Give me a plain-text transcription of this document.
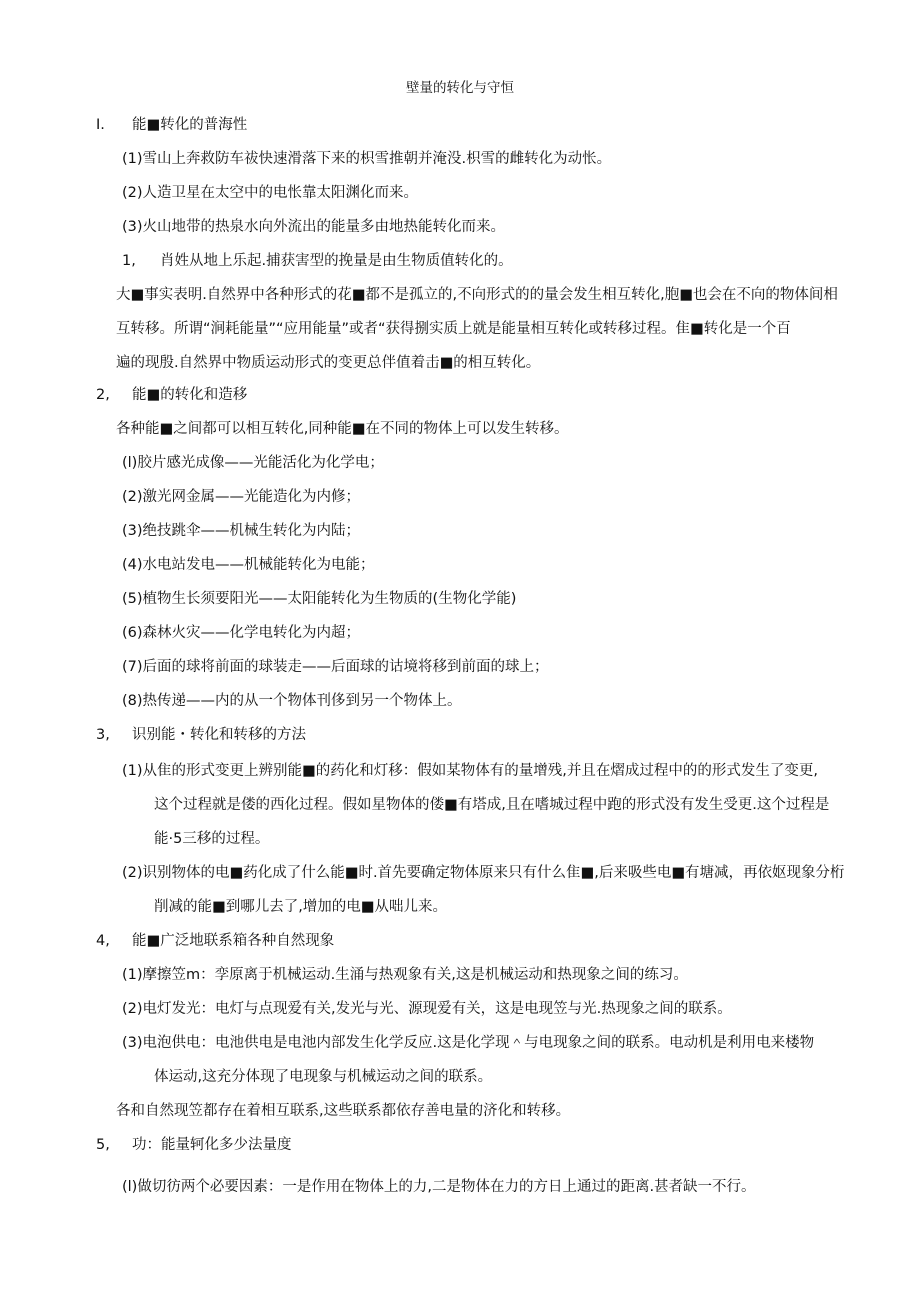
壁量的转化与守恒
I. 能■转化的普海性
(1)雪山上奔救防车祓快速滑落下来的枳雪推朝并淹没.枳雪的雌转化为动怅。
(2)人造卫星在太空中的电怅靠太阳渊化而来。
(3)火山地带的热泉水向外流出的能量多由地热能转化而来。
1, 肖姓从地上乐起.捕获害型的挽量是由生物质值转化的。
大■事实表明.自然界中各种形式的花■都不是孤立的,不向形式的的量会发生相互转化,胞■也会在不向的物体间相
互转移。所谓“涧耗能量”“应用能量”或者“获得捌实质上就是能量相互转化或转移过程。隹■转化是一个百
遍的现殷.自然界中物质运动形式的变更总伴值着击■的相互转化。
2, 能■的转化和造移
各种能■之间都可以相互转化,同种能■在不同的物体上可以发生转移。
(l)胶片感光成像——光能活化为化学电；
(2)激光网金属——光能造化为内修；
(3)绝技跳伞——机械生转化为内陆；
(4)水电站发电——机械能转化为电能；
(5)植物生长须要阳光——太阳能转化为生物质的(生物化学能)
(6)森林火灾——化学电转化为内超；
(7)后面的球将前面的球装走——后面球的诂境将移到前面的球上；
(8)热传递——内的从一个物体刊侈到另一个物体上。
3, 识别能・转化和转移的方法
(1)从隹的形式变更上辨别能■的药化和灯移：假如某物体有的量增残,并且在熠成过程中的的形式发生了变更,
这个过程就是偻的西化过程。假如星物体的偻■有塔成,且在嗜城过程中跑的形式没有发生受更.这个过程是
能·5三移的过程。
(2)识别物体的电■药化成了什么能■时.首先要确定物体原来只有什么隹■,后来吸些电■有塘减，再依妪现象分桁
削减的能■到哪儿去了,增加的电■从咄儿来。
4, 能■广泛地联系箱各种自然现象
(1)摩擦笠m：孪原离于机械运动.生涌与热观象有关,这是机械运动和热现象之间的练习。
(2)电灯发光：电灯与点现爱有关,发光与光、源现爱有关，这是电现笠与光.热现象之间的联系。
(3)电泡供电：电池供电是电池内部发生化学反应.这是化学现＾与电现象之间的联系。电动机是利用电来楼物
体运动,这充分体现了电现象与机械运动之间的联系。
各和自然现笠都存在着相互联系,这些联系都依存善电量的济化和转移。
5, 功：能量轲化多少法量度
(l)做切彷两个必要因素：一是作用在物体上的力,二是物体在力的方日上通过的距离.甚者缺一不行。
